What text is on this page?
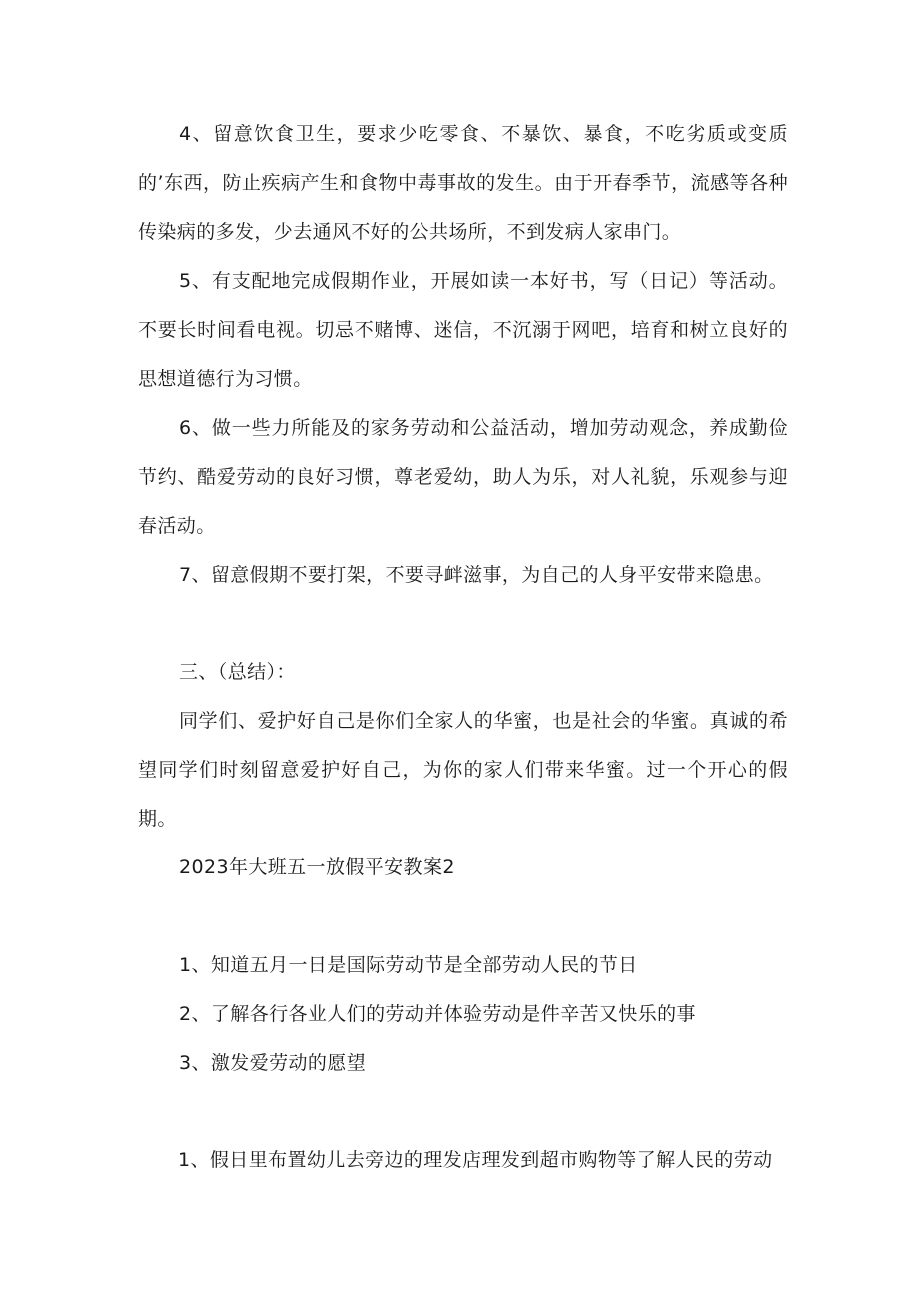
4、留意饮食卫生，要求少吃零食、不暴饮、暴食，不吃劣质或变质的’东西，防止疾病产生和食物中毒事故的发生。由于开春季节，流感等各种传染病的多发，少去通风不好的公共场所，不到发病人家串门。

5、有支配地完成假期作业，开展如读一本好书，写（日记）等活动。不要长时间看电视。切忌不赌博、迷信，不沉溺于网吧，培育和树立良好的思想道德行为习惯。

6、做一些力所能及的家务劳动和公益活动，增加劳动观念，养成勤俭节约、酷爱劳动的良好习惯，尊老爱幼，助人为乐，对人礼貌，乐观参与迎春活动。

7、留意假期不要打架，不要寻衅滋事，为自己的人身平安带来隐患。

三、（总结）：

同学们、爱护好自己是你们全家人的华蜜，也是社会的华蜜。真诚的希望同学们时刻留意爱护好自己，为你的家人们带来华蜜。过一个开心的假期。

2023年大班五一放假平安教案2

1、知道五月一日是国际劳动节是全部劳动人民的节日

2、了解各行各业人们的劳动并体验劳动是件辛苦又快乐的事

3、激发爱劳动的愿望

1、假日里布置幼儿去旁边的理发店理发到超市购物等了解人民的劳动
